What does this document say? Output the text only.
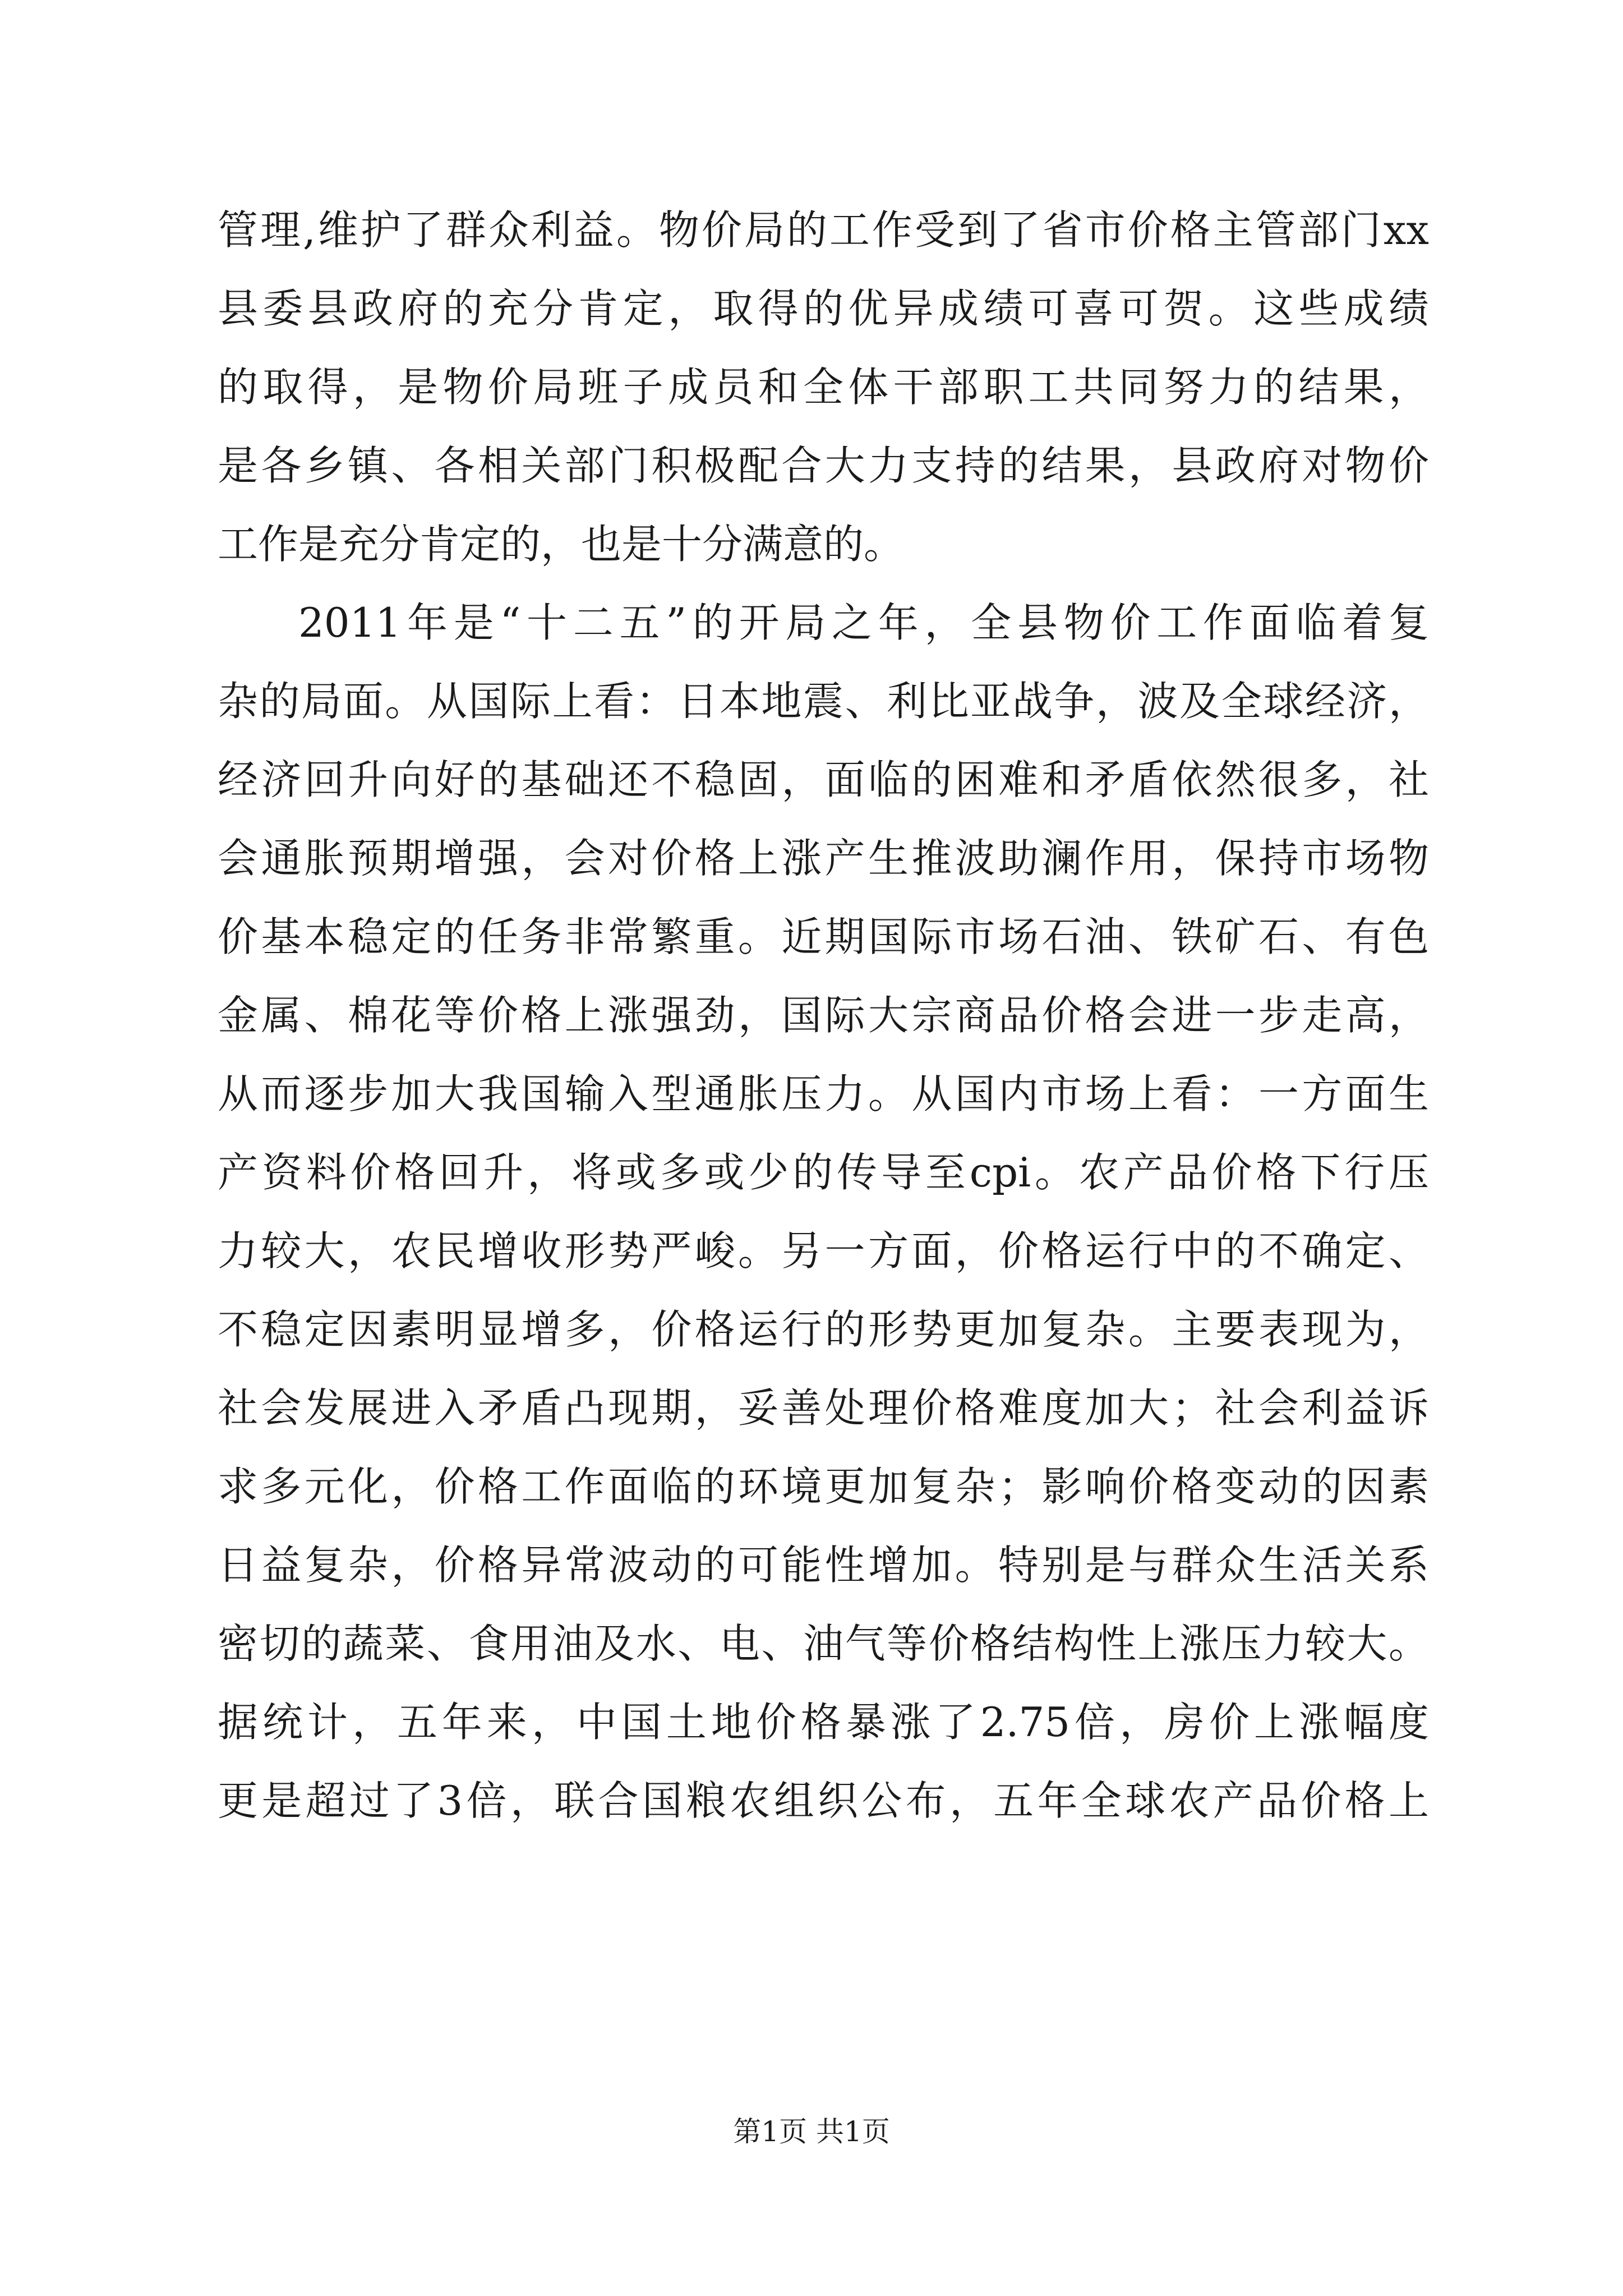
管理,维护了群众利益。物价局的工作受到了省市价格主管部门xx
县委县政府的充分肯定，取得的优异成绩可喜可贺。这些成绩
的取得，是物价局班子成员和全体干部职工共同努力的结果，
是各乡镇、各相关部门积极配合大力支持的结果，县政府对物价
工作是充分肯定的，也是十分满意的。
2011年是“十二五”的开局之年，全县物价工作面临着复
杂的局面。从国际上看：日本地震、利比亚战争，波及全球经济，
经济回升向好的基础还不稳固，面临的困难和矛盾依然很多，社
会通胀预期增强，会对价格上涨产生推波助澜作用，保持市场物
价基本稳定的任务非常繁重。近期国际市场石油、铁矿石、有色
金属、棉花等价格上涨强劲，国际大宗商品价格会进一步走高，
从而逐步加大我国输入型通胀压力。从国内市场上看：一方面生
产资料价格回升，将或多或少的传导至cpi。农产品价格下行压
力较大，农民增收形势严峻。另一方面，价格运行中的不确定、
不稳定因素明显增多，价格运行的形势更加复杂。主要表现为，
社会发展进入矛盾凸现期，妥善处理价格难度加大；社会利益诉
求多元化，价格工作面临的环境更加复杂；影响价格变动的因素
日益复杂，价格异常波动的可能性增加。特别是与群众生活关系
密切的蔬菜、食用油及水、电、油气等价格结构性上涨压力较大。
据统计，五年来，中国土地价格暴涨了2.75倍，房价上涨幅度
更是超过了3倍，联合国粮农组织公布，五年全球农产品价格上
第1页 共1页
